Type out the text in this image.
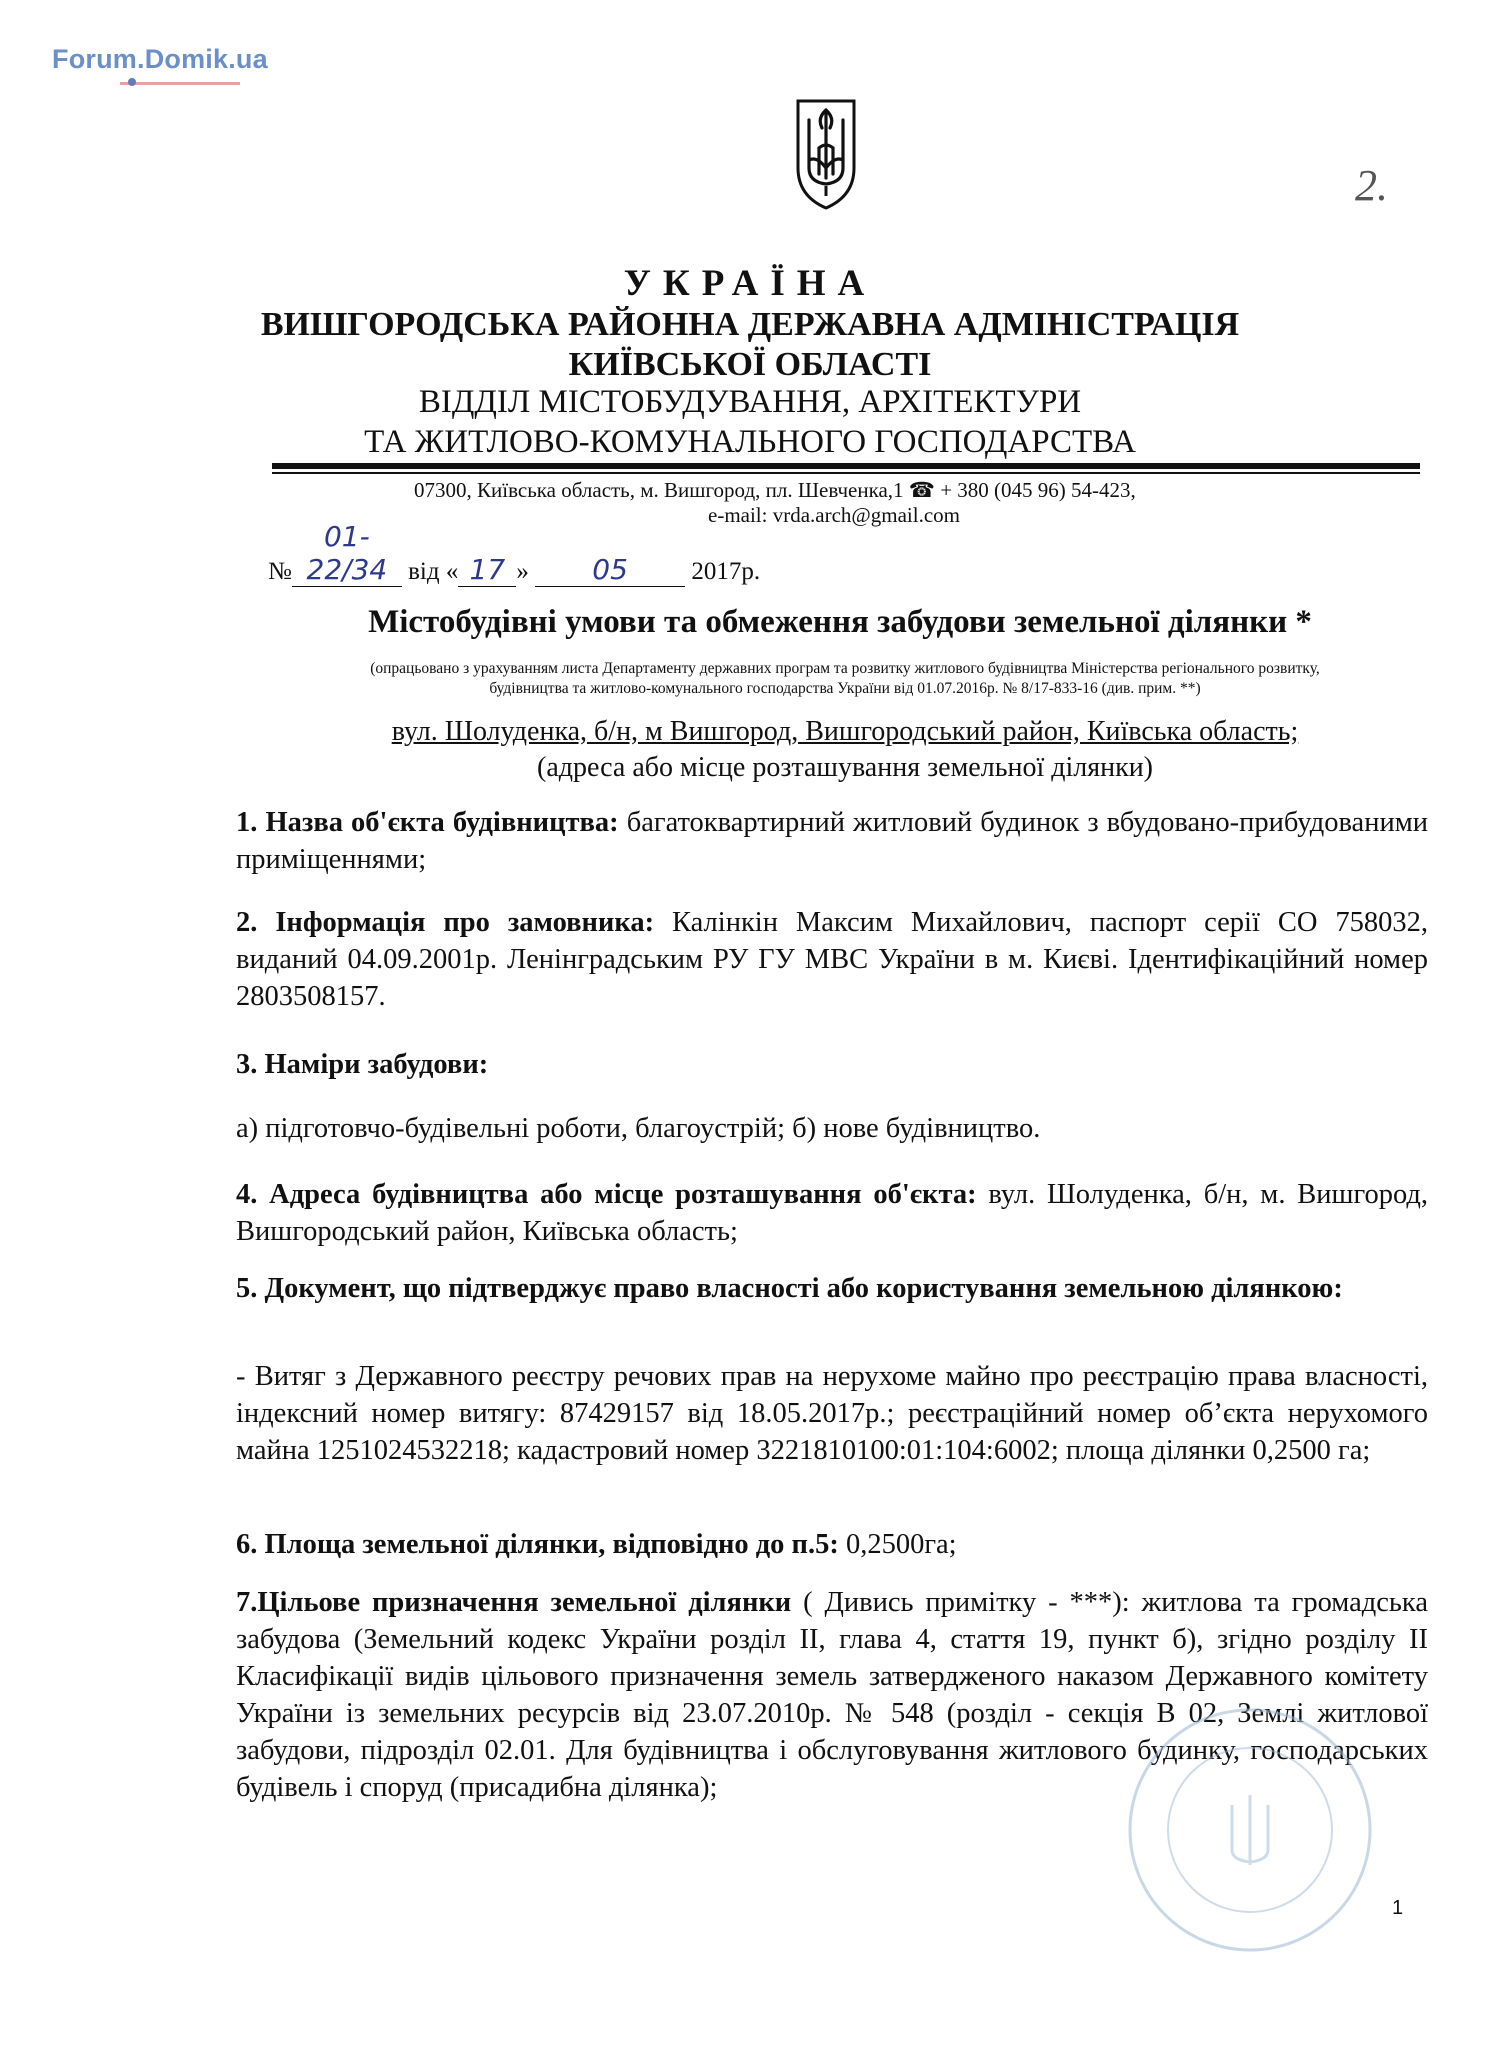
Forum.Domik.ua
2.
УКРАЇНА
ВИШГОРОДСЬКА РАЙОННА ДЕРЖАВНА АДМІНІСТРАЦІЯ
КИЇВСЬКОЇ ОБЛАСТІ
ВІДДІЛ МІСТОБУДУВАННЯ, АРХІТЕКТУРИ
ТА ЖИТЛОВО-КОМУНАЛЬНОГО ГОСПОДАРСТВА
07300, Київська область, м. Вишгород, пл. Шевченка,1 ☎ + 380 (045 96) 54-423,
e-mail: vrda.arch@gmail.com
№01-22/34 від « 17 » 05	2017р.
Містобудівні умови та обмеження забудови земельної ділянки *
(опрацьовано з урахуванням листа Департаменту державних програм та розвитку житлового будівництва Міністерства регіонального розвитку,
будівництва та житлово-комунального господарства України від 01.07.2016р. № 8/17-833-16 (див. прим. **)
вул. Шолуденка, б/н, м Вишгород, Вишгородський район, Київська область;
(адреса або місце розташування земельної ділянки)
1. Назва об'єкта будівництва: багатоквартирний житловий будинок з вбудовано-прибудованими приміщеннями;
2. Інформація про замовника: Калінкін Максим Михайлович, паспорт серії СО 758032, виданий 04.09.2001р. Ленінградським РУ ГУ МВС України в м. Києві. Ідентифікаційний номер 2803508157.
3. Наміри забудови:
а) підготовчо-будівельні роботи, благоустрій; б) нове будівництво.
4. Адреса будівництва або місце розташування об'єкта: вул. Шолуденка, б/н, м. Вишгород, Вишгородський район, Київська область;
5. Документ, що підтверджує право власності або користування земельною ділянкою:
- Витяг з Державного реєстру речових прав на нерухоме майно про реєстрацію права власності, індексний номер витягу: 87429157 від 18.05.2017р.; реєстраційний номер об’єкта нерухомого майна 1251024532218; кадастровий номер 3221810100:01:104:6002; площа ділянки 0,2500 га;
6. Площа земельної ділянки, відповідно до п.5: 0,2500га;
7.Цільове призначення земельної ділянки ( Дивись примітку - ***): житлова та громадська забудова (Земельний кодекс України розділ ІІ, глава 4, стаття 19, пункт б), згідно розділу ІІ Класифікації видів цільового призначення земель затвердженого наказом Державного комітету України із земельних ресурсів від 23.07.2010р. № 548 (розділ - секція В 02, Землі житлової забудови, підрозділ 02.01. Для будівництва і обслуговування житлового будинку, господарських будівель і споруд (присадибна ділянка);
1
